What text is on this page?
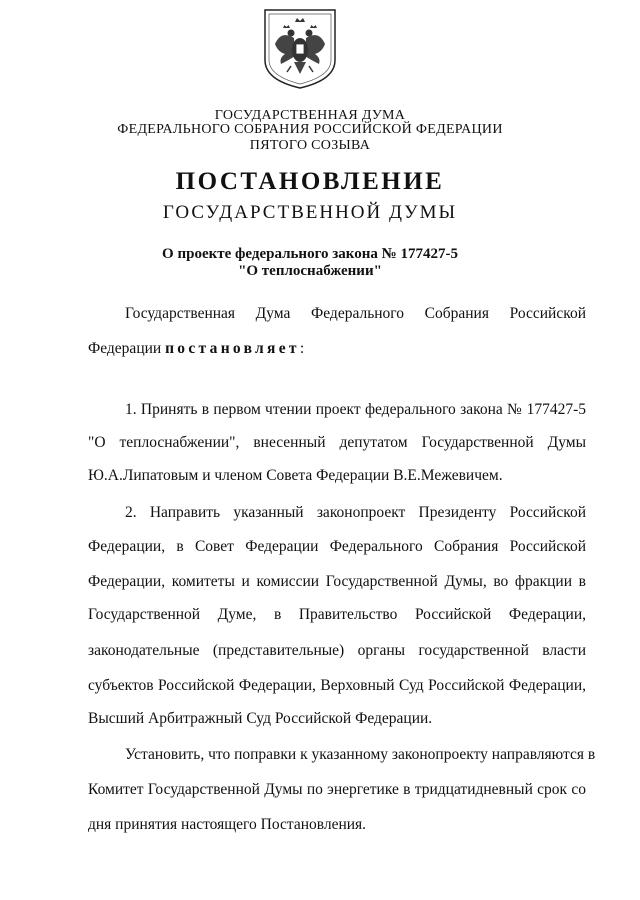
ГОСУДАРСТВЕННАЯ ДУМА
ФЕДЕРАЛЬНОГО СОБРАНИЯ РОССИЙСКОЙ ФЕДЕРАЦИИ
ПЯТОГО СОЗЫВА
ПОСТАНОВЛЕНИЕ
ГОСУДАРСТВЕННОЙ ДУМЫ
О проекте федерального закона № 177427-5
"О теплоснабжении"
Государственная Дума Федерального Собрания Российской
Федерации постановляет:
1. Принять в первом чтении проект федерального закона № 177427-5
"О теплоснабжении", внесенный депутатом Государственной Думы
Ю.А.Липатовым и членом Совета Федерации В.Е.Межевичем.
2. Направить указанный законопроект Президенту Российской
Федерации, в Совет Федерации Федерального Собрания Российской
Федерации, комитеты и комиссии Государственной Думы, во фракции в
Государственной Думе, в Правительство Российской Федерации,
законодательные (представительные) органы государственной власти
субъектов Российской Федерации, Верховный Суд Российской Федерации,
Высший Арбитражный Суд Российской Федерации.
Установить, что поправки к указанному законопроекту направляются в
Комитет Государственной Думы по энергетике в тридцатидневный срок со
дня принятия настоящего Постановления.
